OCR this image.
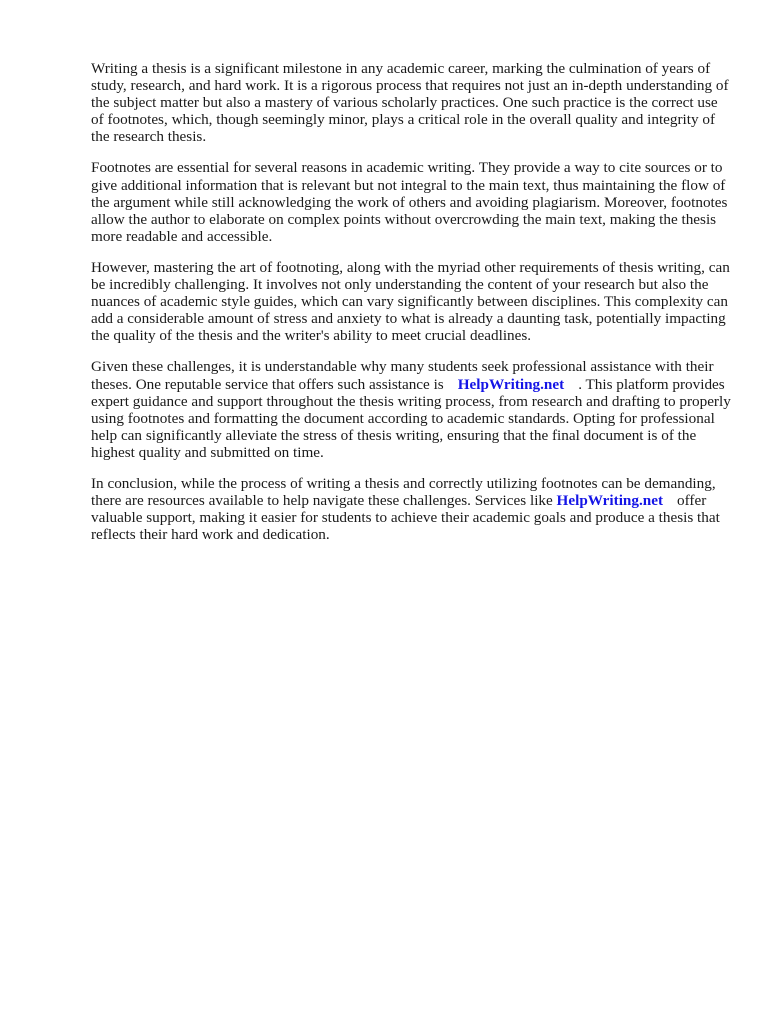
Writing a thesis is a significant milestone in any academic career, marking the culmination of years of study, research, and hard work. It is a rigorous process that requires not just an in-depth understanding of the subject matter but also a mastery of various scholarly practices. One such practice is the correct use of footnotes, which, though seemingly minor, plays a critical role in the overall quality and integrity of the research thesis.

Footnotes are essential for several reasons in academic writing. They provide a way to cite sources or to give additional information that is relevant but not integral to the main text, thus maintaining the flow of the argument while still acknowledging the work of others and avoiding plagiarism. Moreover, footnotes allow the author to elaborate on complex points without overcrowding the main text, making the thesis more readable and accessible.

However, mastering the art of footnoting, along with the myriad other requirements of thesis writing, can be incredibly challenging. It involves not only understanding the content of your research but also the nuances of academic style guides, which can vary significantly between disciplines. This complexity can add a considerable amount of stress and anxiety to what is already a daunting task, potentially impacting the quality of the thesis and the writer's ability to meet crucial deadlines.

Given these challenges, it is understandable why many students seek professional assistance with their theses. One reputable service that offers such assistance is HelpWriting.net . This platform provides expert guidance and support throughout the thesis writing process, from research and drafting to properly using footnotes and formatting the document according to academic standards. Opting for professional help can significantly alleviate the stress of thesis writing, ensuring that the final document is of the highest quality and submitted on time.

In conclusion, while the process of writing a thesis and correctly utilizing footnotes can be demanding, there are resources available to help navigate these challenges. Services like HelpWriting.net offer valuable support, making it easier for students to achieve their academic goals and produce a thesis that reflects their hard work and dedication.
